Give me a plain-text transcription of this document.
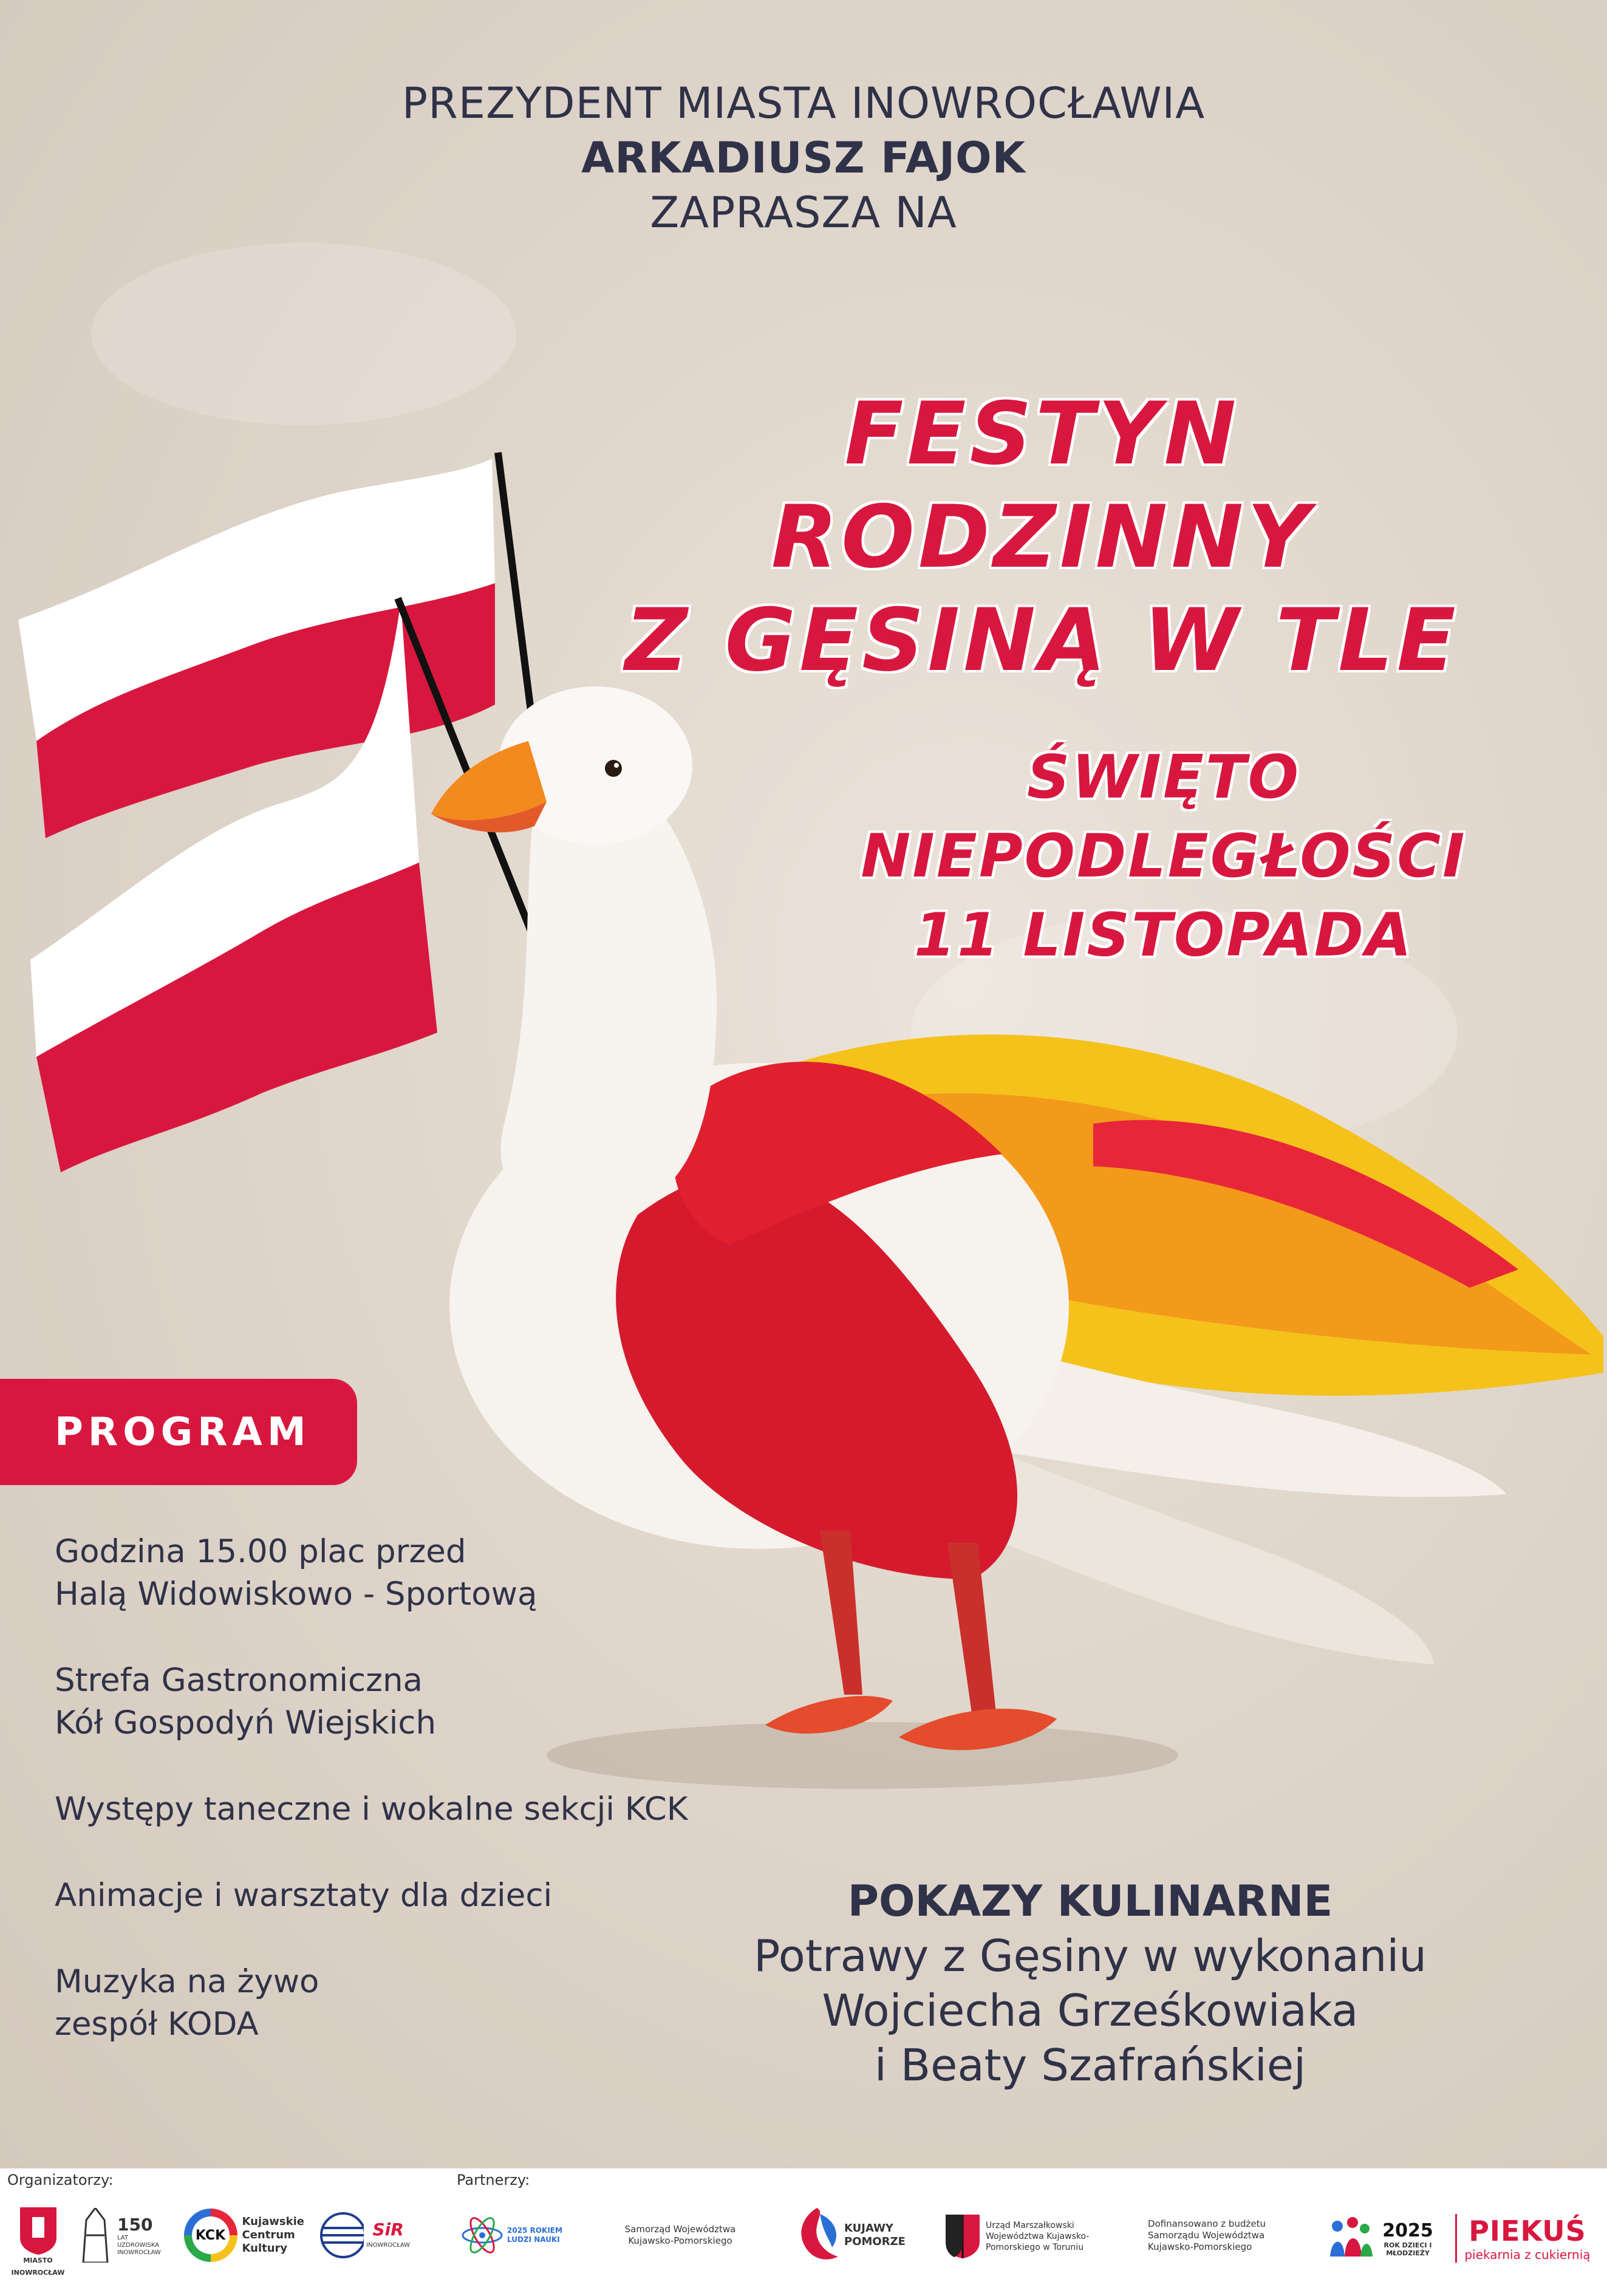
PREZYDENT MIASTA INOWROCŁAWIA
ARKADIUSZ FAJOK
ZAPRASZA NA
FESTYN RODZINNY
Z GĘSINĄ W TLE
ŚWIĘTO
NIEPODLEGŁOŚCI
11 LISTOPADA
PROGRAM
Godzina 15.00 plac przed
Halą Widowiskowo - Sportową
Strefa Gastronomiczna
Kół Gospodyń Wiejskich
Występy taneczne i wokalne sekcji KCK
Animacje i warsztaty dla dzieci
Muzyka na żywo
zespół KODA
POKAZY KULINARNE
Potrawy z Gęsiny w wykonaniu
Wojciecha Grześkowiaka
i Beaty Szafrańskiej
Organizatorzy:	Partnerzy:
MIASTO INOWROCŁAW
150
LAT UZDROWISKA INOWROCŁAW
KCK
Kujawskie Centrum Kultury
SiR
INOWROCŁAW
2025 ROKIEM LUDZI NAUKI
Samorząd Województwa Kujawsko-Pomorskiego
KUJAWY POMORZE
Urząd Marszałkowski Województwa Kujawsko-Pomorskiego w Toruniu
Dofinansowano z budżetu Samorządu Województwa Kujawsko-Pomorskiego
2025
ROK DZIECI I MŁODZIEŻY
PIEKUŚ
piekarnia z cukiernią
